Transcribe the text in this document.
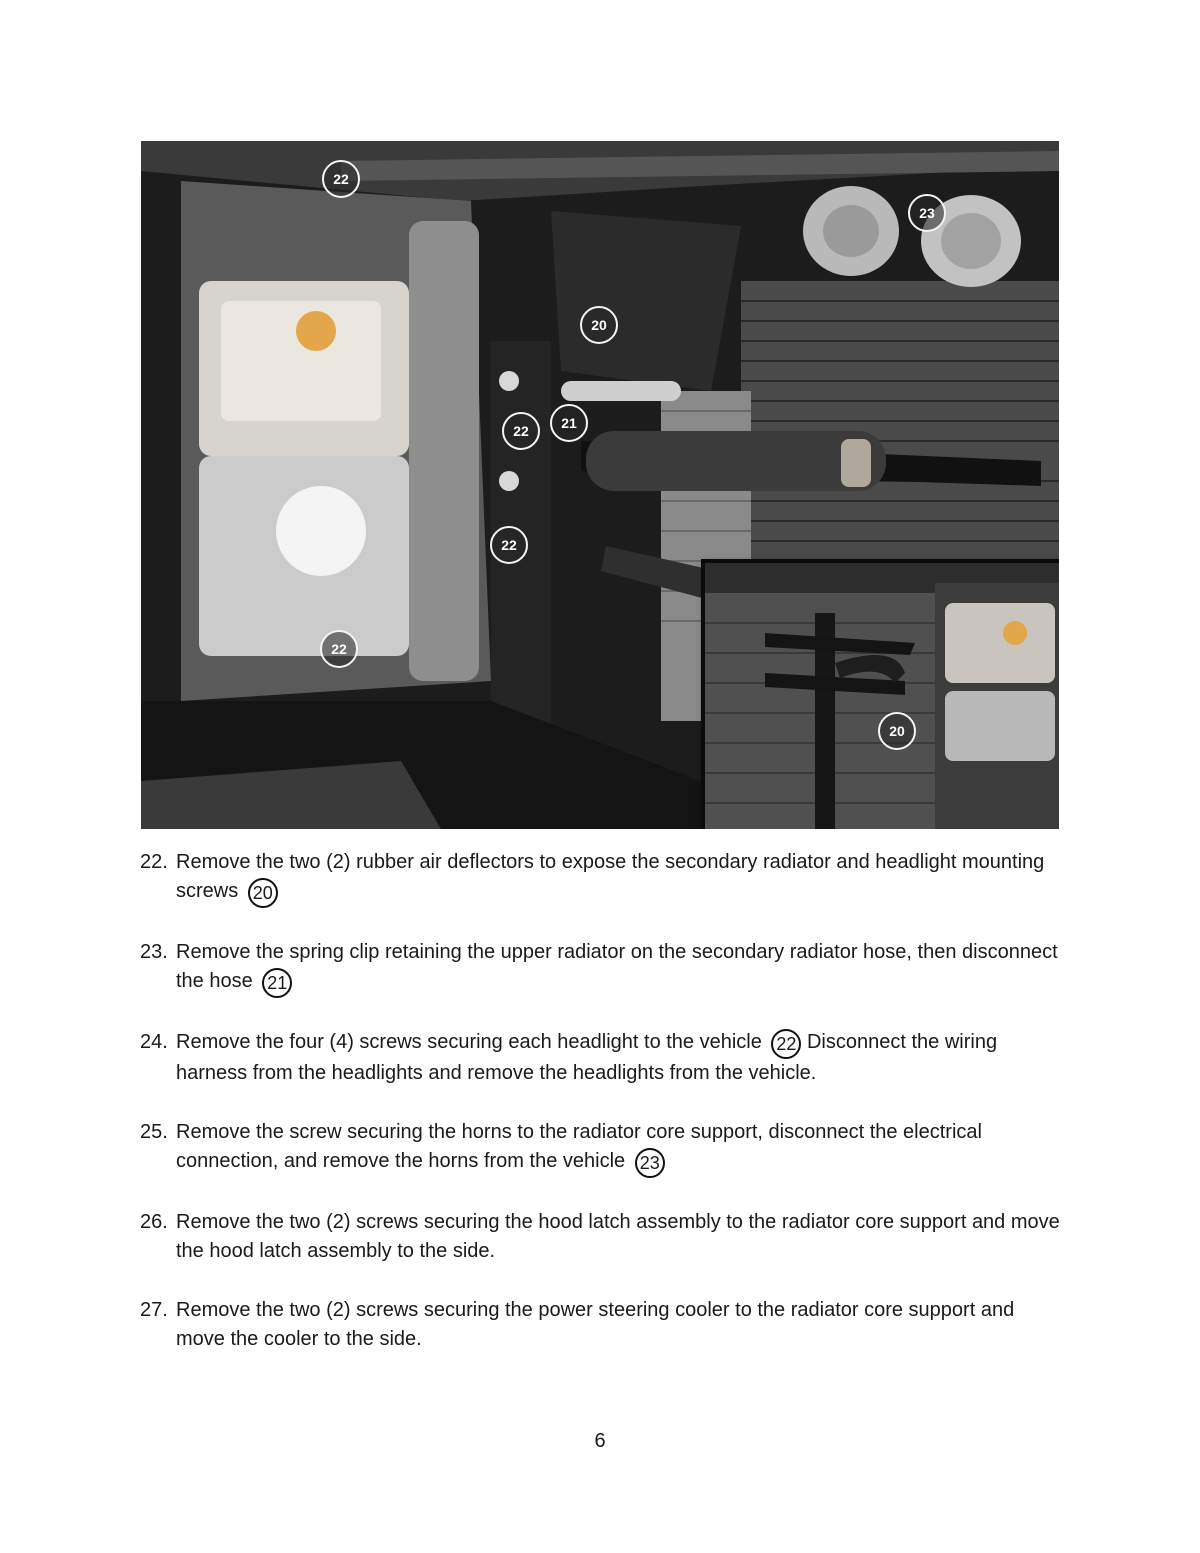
22
23
20
22	21
22
22
20
22. Remove the two (2) rubber air deflectors to expose the secondary radiator and headlight mounting screws 20
23. Remove the spring clip retaining the upper radiator on the secondary radiator hose, then disconnect the hose 21
24. Remove the four (4) screws securing each headlight to the vehicle 22 Disconnect the wiring harness from the headlights and remove the headlights from the vehicle.
25. Remove the screw securing the horns to the radiator core support, disconnect the electrical connection, and remove the horns from the vehicle 23
26. Remove the two (2) screws securing the hood latch assembly to the radiator core support and move the hood latch assembly to the side.
27. Remove the two (2) screws securing the power steering cooler to the radiator core support and move the cooler to the side.
6
